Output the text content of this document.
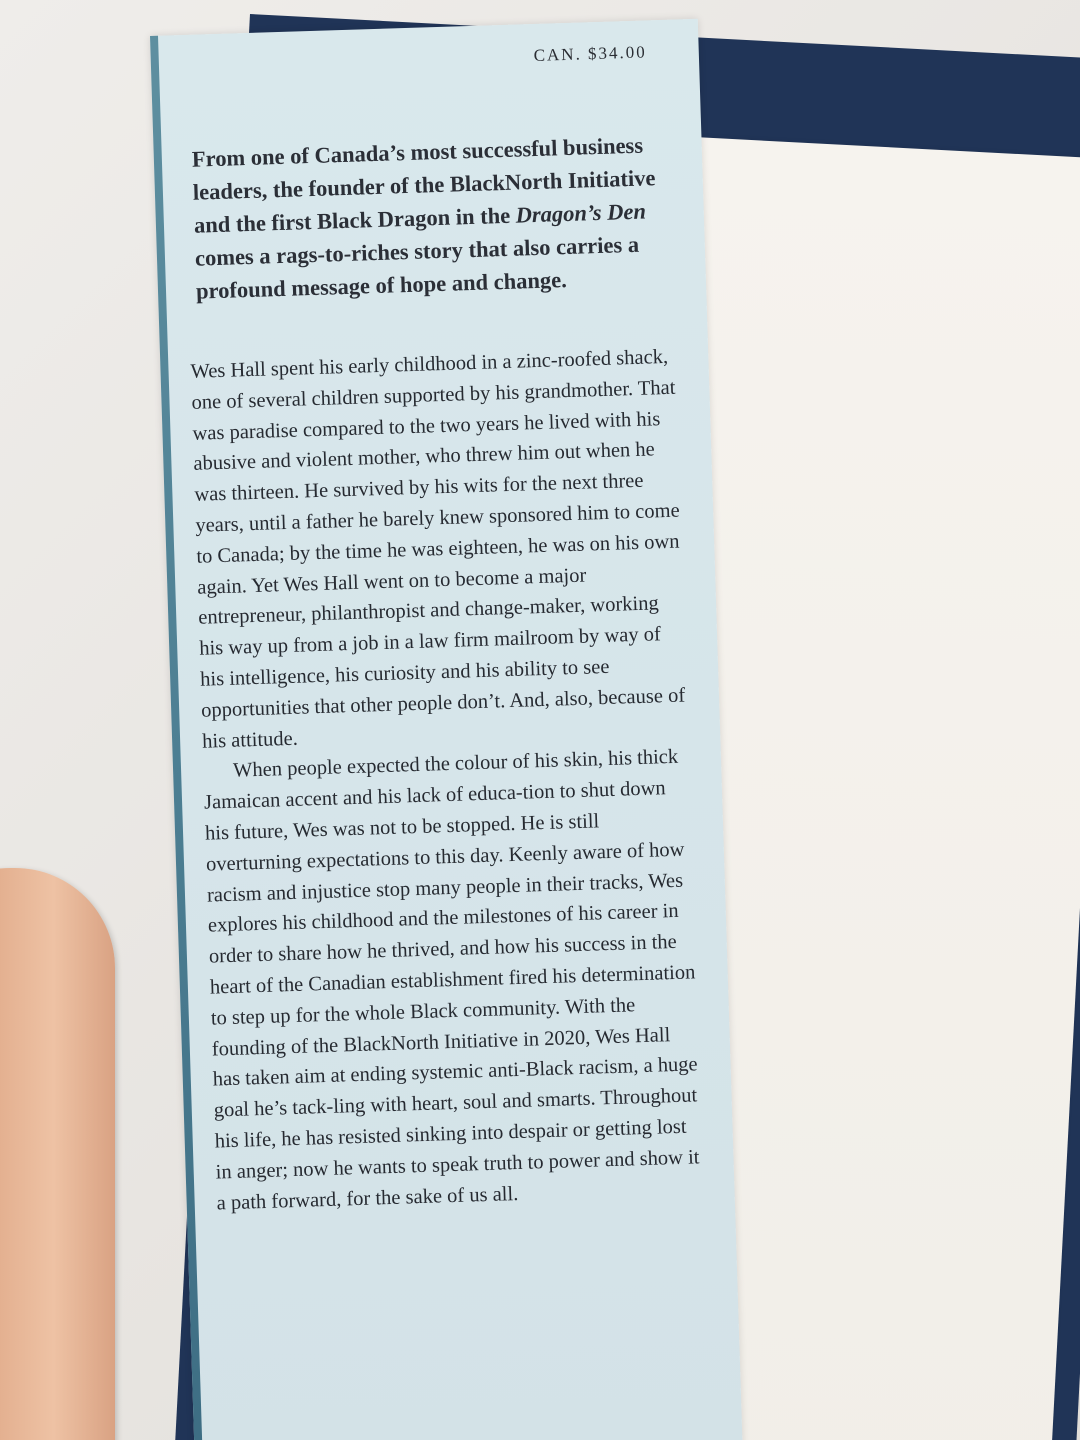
CAN. $34.00

From one of Canada’s most successful business leaders, the founder of the BlackNorth Initiative and the first Black Dragon in the Dragon’s Den comes a rags-to-riches story that also carries a profound message of hope and change.

Wes Hall spent his early childhood in a zinc-roofed shack, one of several children supported by his grandmother. That was paradise compared to the two years he lived with his abusive and violent mother, who threw him out when he was thirteen. He survived by his wits for the next three years, until a father he barely knew sponsored him to come to Canada; by the time he was eighteen, he was on his own again. Yet Wes Hall went on to become a major entrepreneur, philanthropist and change-maker, working his way up from a job in a law firm mailroom by way of his intelligence, his curiosity and his ability to see opportunities that other people don’t. And, also, because of his attitude.

When people expected the colour of his skin, his thick Jamaican accent and his lack of educa-tion to shut down his future, Wes was not to be stopped. He is still overturning expectations to this day. Keenly aware of how racism and injustice stop many people in their tracks, Wes explores his childhood and the milestones of his career in order to share how he thrived, and how his success in the heart of the Canadian establishment fired his determination to step up for the whole Black community. With the founding of the BlackNorth Initiative in 2020, Wes Hall has taken aim at ending systemic anti-Black racism, a huge goal he’s tack-ling with heart, soul and smarts. Throughout his life, he has resisted sinking into despair or getting lost in anger; now he wants to speak truth to power and show it a path forward, for the sake of us all.
